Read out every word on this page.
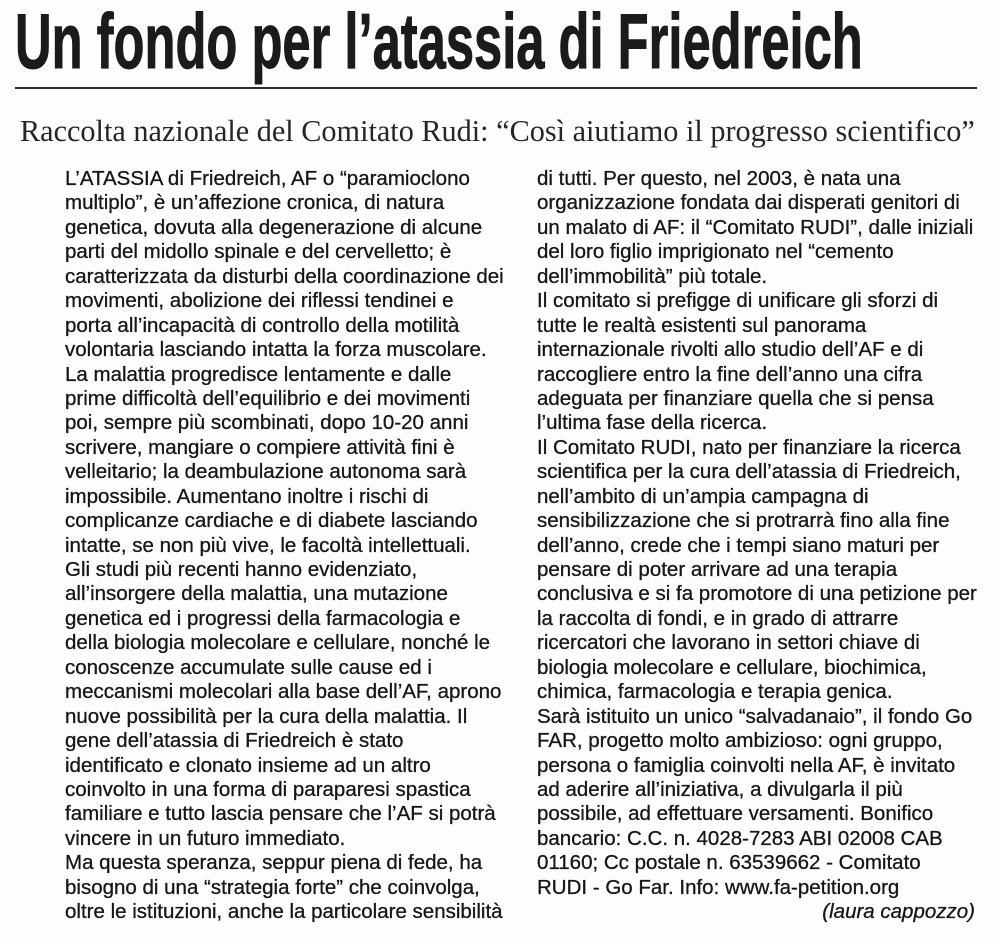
Un fondo per l’atassia di Friedreich
Raccolta nazionale del Comitato Rudi: “Così aiutiamo il progresso scientifico”
L’ATASSIA di Friedreich, AF o “paramioclono
multiplo”, è un’affezione cronica, di natura
genetica, dovuta alla degenerazione di alcune
parti del midollo spinale e del cervelletto; è
caratterizzata da disturbi della coordinazione dei
movimenti, abolizione dei riflessi tendinei e
porta all’incapacità di controllo della motilità
volontaria lasciando intatta la forza muscolare.
La malattia progredisce lentamente e dalle
prime difficoltà dell’equilibrio e dei movimenti
poi, sempre più scombinati, dopo 10-20 anni
scrivere, mangiare o compiere attività fini è
velleitario; la deambulazione autonoma sarà
impossibile. Aumentano inoltre i rischi di
complicanze cardiache e di diabete lasciando
intatte, se non più vive, le facoltà intellettuali.
Gli studi più recenti hanno evidenziato,
all’insorgere della malattia, una mutazione
genetica ed i progressi della farmacologia e
della biologia molecolare e cellulare, nonché le
conoscenze accumulate sulle cause ed i
meccanismi molecolari alla base dell’AF, aprono
nuove possibilità per la cura della malattia. Il
gene dell’atassia di Friedreich è stato
identificato e clonato insieme ad un altro
coinvolto in una forma di paraparesi spastica
familiare e tutto lascia pensare che l’AF si potrà
vincere in un futuro immediato.
Ma questa speranza, seppur piena di fede, ha
bisogno di una “strategia forte” che coinvolga,
oltre le istituzioni, anche la particolare sensibilità
di tutti. Per questo, nel 2003, è nata una
organizzazione fondata dai disperati genitori di
un malato di AF: il “Comitato RUDI”, dalle iniziali
del loro figlio imprigionato nel “cemento
dell’immobilità” più totale.
Il comitato si prefigge di unificare gli sforzi di
tutte le realtà esistenti sul panorama
internazionale rivolti allo studio dell’AF e di
raccogliere entro la fine dell’anno una cifra
adeguata per finanziare quella che si pensa
l’ultima fase della ricerca.
Il Comitato RUDI, nato per finanziare la ricerca
scientifica per la cura dell’atassia di Friedreich,
nell’ambito di un’ampia campagna di
sensibilizzazione che si protrarrà fino alla fine
dell’anno, crede che i tempi siano maturi per
pensare di poter arrivare ad una terapia
conclusiva e si fa promotore di una petizione per
la raccolta di fondi, e in grado di attrarre
ricercatori che lavorano in settori chiave di
biologia molecolare e cellulare, biochimica,
chimica, farmacologia e terapia genica.
Sarà istituito un unico “salvadanaio”, il fondo Go
FAR, progetto molto ambizioso: ogni gruppo,
persona o famiglia coinvolti nella AF, è invitato
ad aderire all’iniziativa, a divulgarla il più
possibile, ad effettuare versamenti. Bonifico
bancario: C.C. n. 4028-7283 ABI 02008 CAB
01160; Cc postale n. 63539662 - Comitato
RUDI - Go Far. Info: www.fa-petition.org
(laura cappozzo)
